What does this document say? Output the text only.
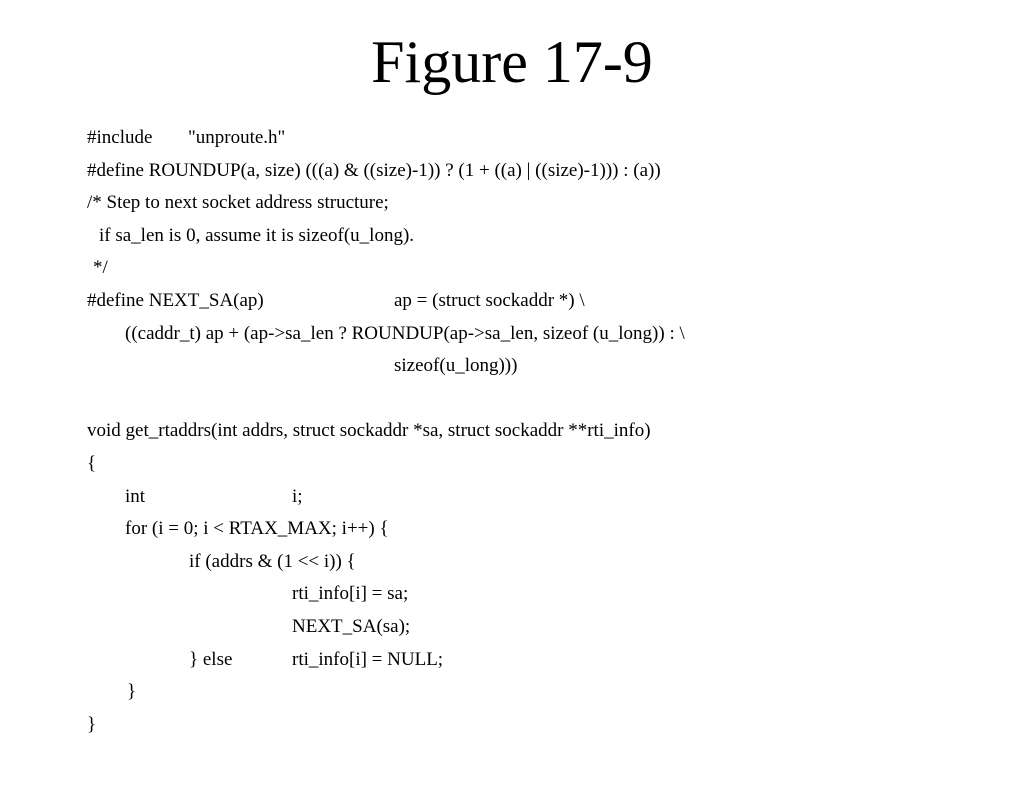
Figure 17-9

#include

"unproute.h"

#define ROUNDUP(a, size) (((a) & ((size)-1)) ? (1 + ((a) | ((size)-1))) : (a))

/* Step to next socket address structure;

if sa_len is 0, assume it is sizeof(u_long).

*/

#define NEXT_SA(ap)

	ap = (struct sockaddr *) \

((caddr_t) ap + (ap->sa_len ? ROUNDUP(ap->sa_len, sizeof (u_long)) : \

sizeof(u_long)))

void get_rtaddrs(int addrs, struct sockaddr *sa, struct sockaddr **rti_info)

{

int

	i;

for (i = 0; i < RTAX_MAX; i++) {

if (addrs & (1 << i)) {

rti_info[i] = sa;

NEXT_SA(sa);

} else

	rti_info[i] = NULL;

}

}
